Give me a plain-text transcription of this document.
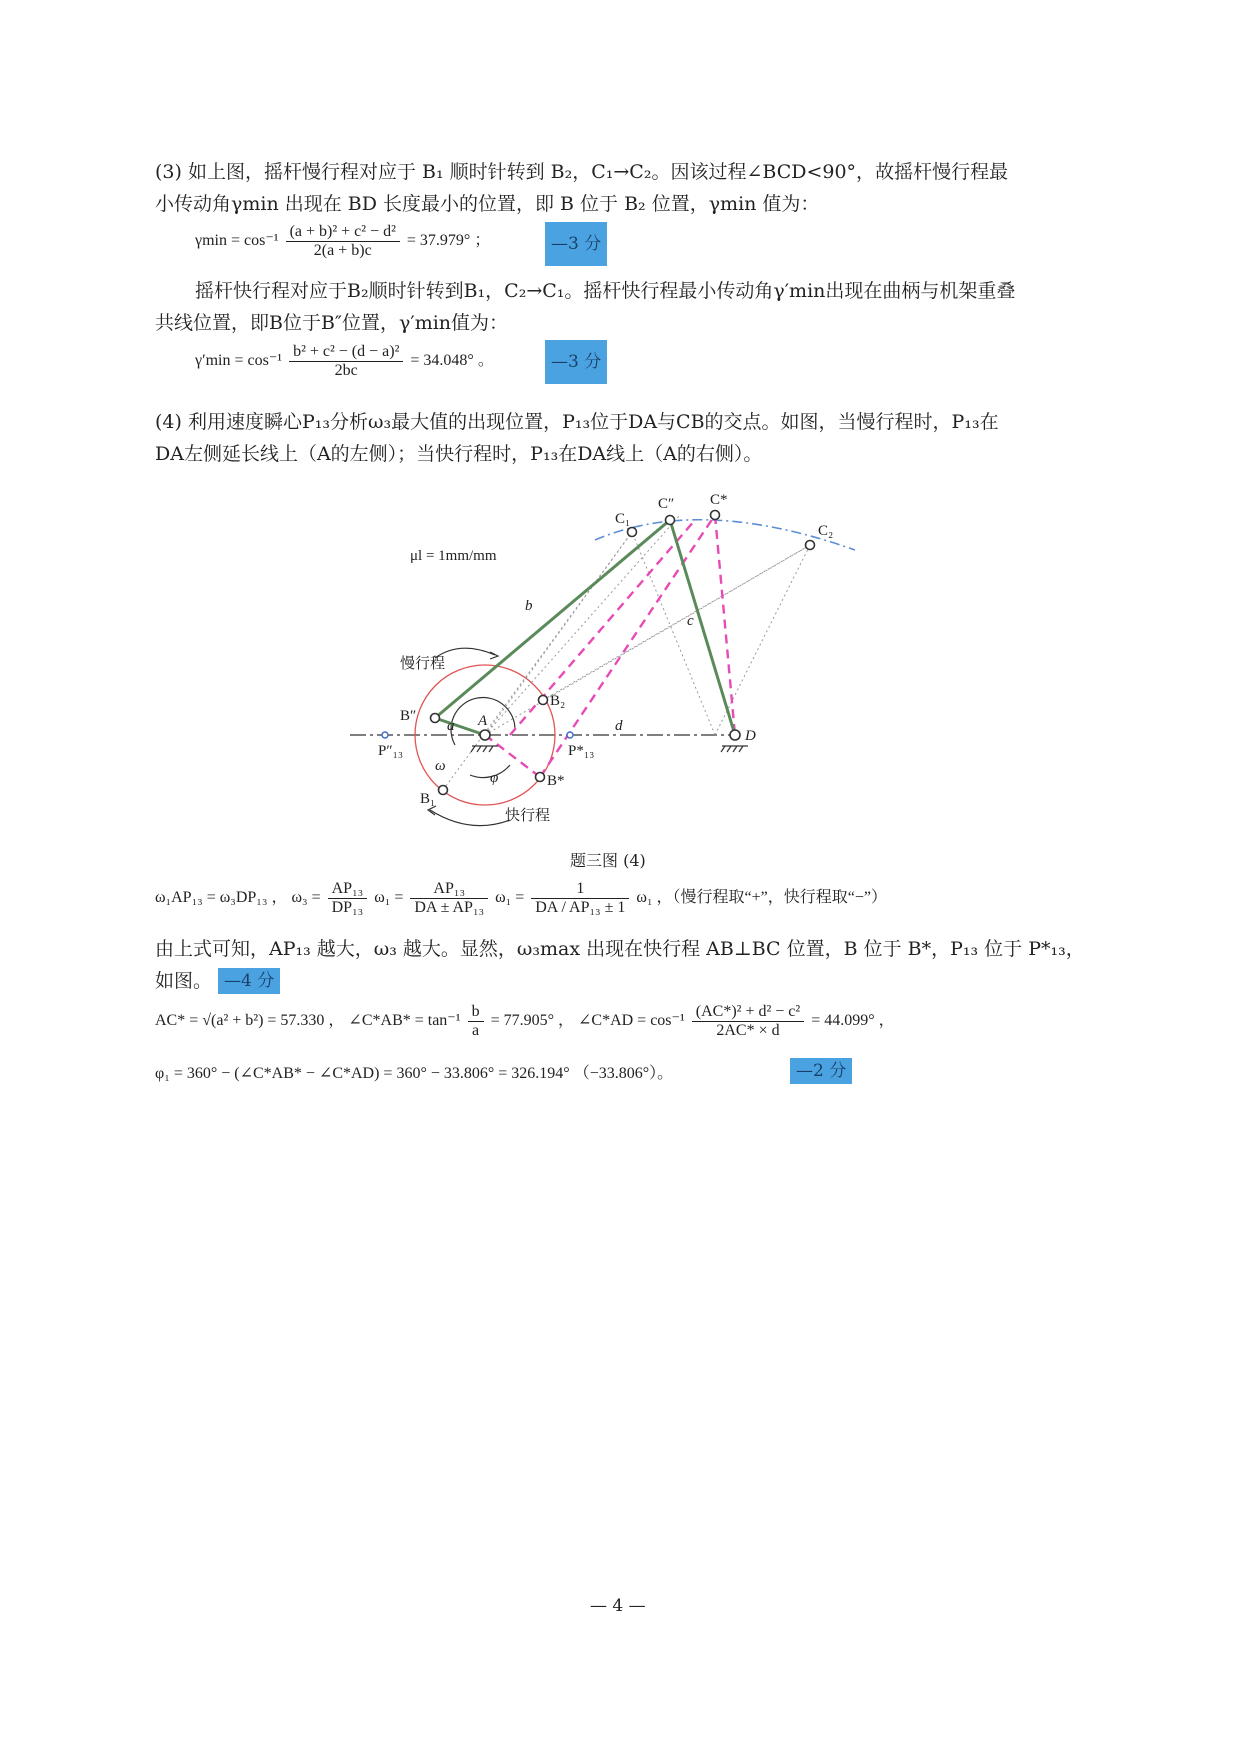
(3) 如上图，摇杆慢行程对应于 B₁ 顺时针转到 B₂，C₁→C₂。因该过程∠BCD<90°，故摇杆慢行程最
小传动角γmin 出现在 BD 长度最小的位置，即 B 位于 B₂ 位置，γmin 值为：
$\gamma\min = \cos^{-1} \frac{\text{(a + b)² + c² − d²}}{2(a + b)c} = 37.979^\circ$ ；	—3 分
摇杆快行程对应于B₂顺时针转到B₁，C₂→C₁。摇杆快行程最小传动角γ′min出现在曲柄与机架重叠
共线位置，即B位于B″位置，γ′min值为：
$\gamma'\min = \cos^{-1} \frac{\text{b² + c² − (d − a)²}}{2bc} = 34.048^\circ$ 。	—3 分
(4) 利用速度瞬心P₁₃分析ω₃最大值的出现位置，P₁₃位于DA与CB的交点。如图，当慢行程时，P₁₃在
DA左侧延长线上（A的左侧）；当快行程时，P₁₃在DA线上（A的右侧）。
C₁
C″ C*
C₂
μl = 1mm/mm
b
c
d
a A
D
B″
B₂
B*
B₁
P″₁₃	P*₁₃
ω
φ
慢行程
快行程
题三图 (4)
ω₁AP₁₃ = ω₃DP₁₃ ， $\omega_3 = \frac{\text{AP₁₃}}{\text{DP₁₃}} \omega_1 = \frac{\text{AP₁₃}}{\text{DA ± AP₁₃}} \omega_1 = \frac{1}{\text{DA / AP₁₃ ± 1}} \omega_1$ ，（慢行程取“+”，快行程取“−”）
由上式可知，AP₁₃ 越大，ω₃ 越大。显然，ω₃max 出现在快行程 AB⊥BC 位置，B 位于 B*，P₁₃ 位于 P*₁₃，
如图。 —4 分
AC* = √(a² + b²) = 57.330 ， ∠C*AB* = $\tan^{-1} \frac{b}{a} = 77.905^\circ$ ， ∠C*AD = $\cos^{-1} \frac{\text{(AC*)² + d² − c²}}{2AC* \times d} = 44.099^\circ$ ，
φ₁ = 360° − (∠C*AB* − ∠C*AD) = 360° − 33.806° = 326.194° （−33.806°）。	—2 分
— 4 —
